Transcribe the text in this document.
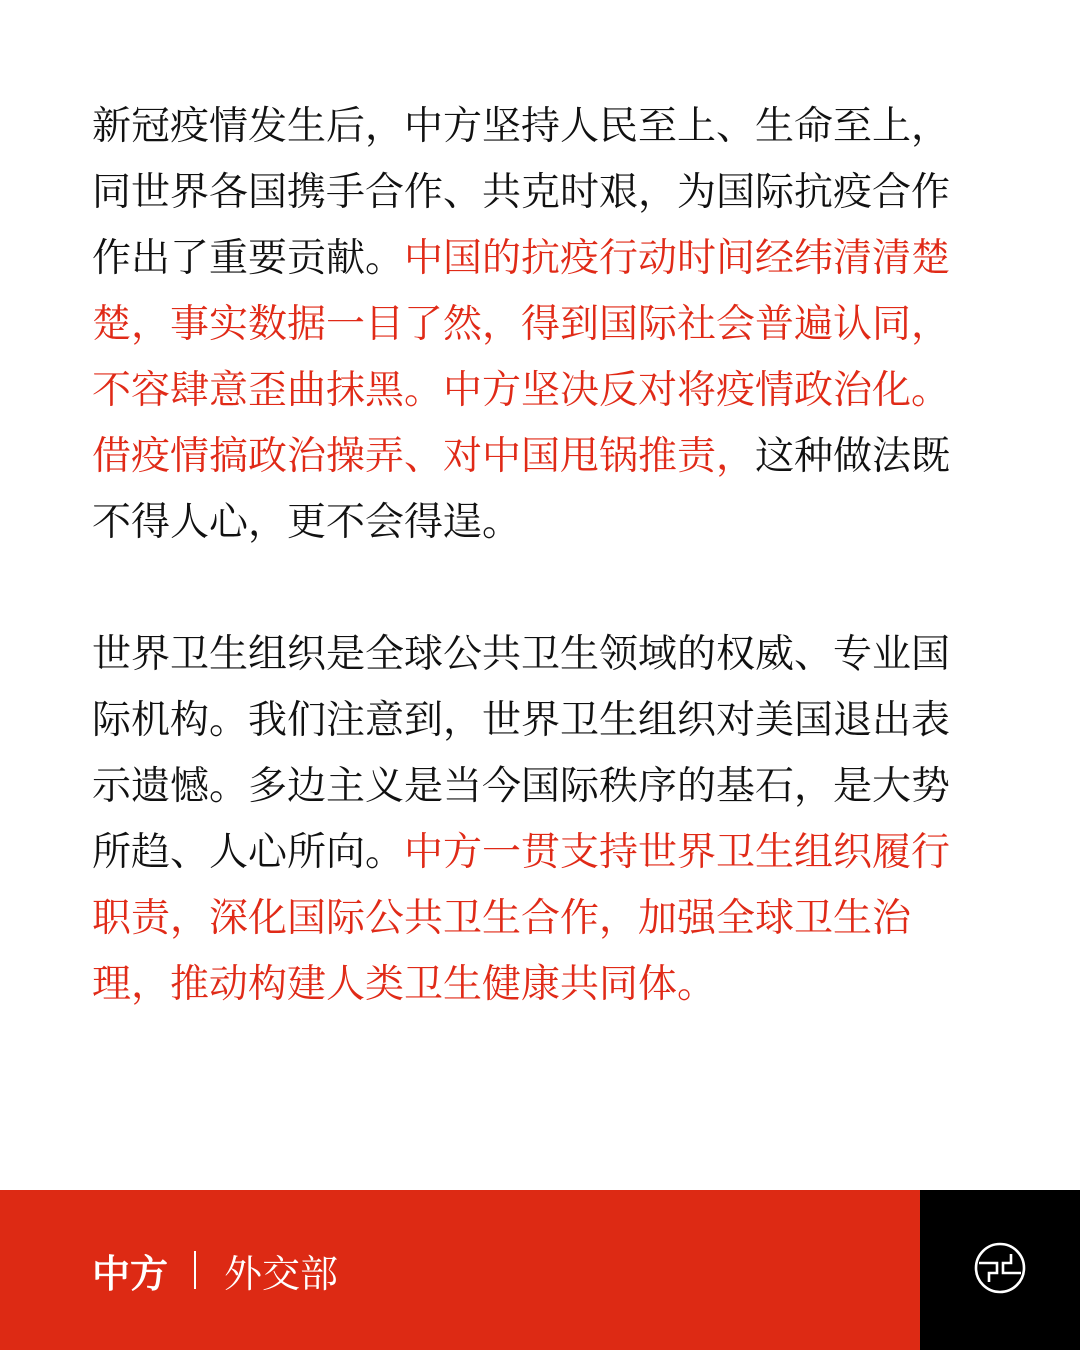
新冠疫情发生后，中方坚持人民至上、生命至上，同世界各国携手合作、共克时艰，为国际抗疫合作作出了重要贡献。中国的抗疫行动时间经纬清清楚楚，事实数据一目了然，得到国际社会普遍认同，不容肆意歪曲抹黑。中方坚决反对将疫情政治化。借疫情搞政治操弄、对中国甩锅推责，这种做法既不得人心，更不会得逞。

世界卫生组织是全球公共卫生领域的权威、专业国际机构。我们注意到，世界卫生组织对美国退出表示遗憾。多边主义是当今国际秩序的基石，是大势所趋、人心所向。中方一贯支持世界卫生组织履行职责，深化国际公共卫生合作，加强全球卫生治理，推动构建人类卫生健康共同体。

中方 外交部
